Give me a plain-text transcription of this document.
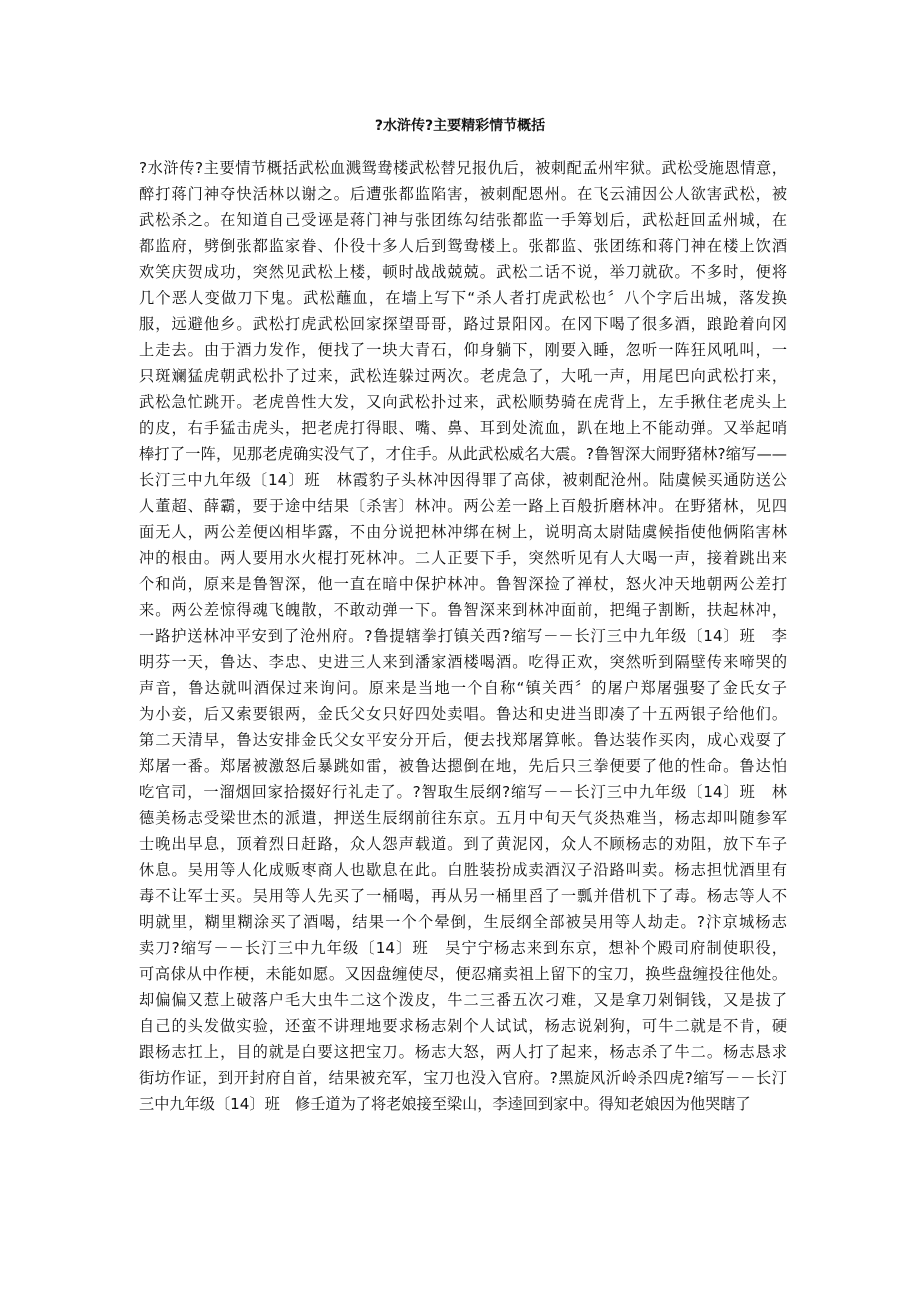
?水浒传?主要精彩情节概括
?水浒传?主要情节概括武松血溅鸳鸯楼武松替兄报仇后，被刺配孟州牢狱。武松受施恩情意，
醉打蒋门神夺快活林以谢之。后遭张都监陷害，被刺配恩州。在飞云浦因公人欲害武松，被
武松杀之。在知道自己受诬是蒋门神与张团练勾结张都监一手筹划后，武松赶回孟州城，在
都监府，劈倒张都监家眷、仆役十多人后到鸳鸯楼上。张都监、张团练和蒋门神在楼上饮酒
欢笑庆贺成功，突然见武松上楼，顿时战战兢兢。武松二话不说，举刀就砍。不多时，便将
几个恶人变做刀下鬼。武松蘸血，在墙上写下“杀人者打虎武松也〞八个字后出城，落发换
服，远避他乡。武松打虎武松回家探望哥哥，路过景阳冈。在冈下喝了很多酒，踉跄着向冈
上走去。由于酒力发作，便找了一块大青石，仰身躺下，刚要入睡，忽听一阵狂风吼叫，一
只斑斓猛虎朝武松扑了过来，武松连躲过两次。老虎急了，大吼一声，用尾巴向武松打来，
武松急忙跳开。老虎兽性大发，又向武松扑过来，武松顺势骑在虎背上，左手揪住老虎头上
的皮，右手猛击虎头，把老虎打得眼、嘴、鼻、耳到处流血，趴在地上不能动弹。又举起哨
棒打了一阵，见那老虎确实没气了，才住手。从此武松威名大震。?鲁智深大闹野猪林?缩写——
长汀三中九年级〔14〕班　林霞豹子头林冲因得罪了高俅，被刺配沧州。陆虞候买通防送公
人董超、薛霸，要于途中结果〔杀害〕林冲。两公差一路上百般折磨林冲。在野猪林，见四
面无人，两公差便凶相毕露，不由分说把林冲绑在树上，说明高太尉陆虞候指使他俩陷害林
冲的根由。两人要用水火棍打死林冲。二人正要下手，突然听见有人大喝一声，接着跳出来
个和尚，原来是鲁智深，他一直在暗中保护林冲。鲁智深捡了禅杖，怒火冲天地朝两公差打
来。两公差惊得魂飞魄散，不敢动弹一下。鲁智深来到林冲面前，把绳子割断，扶起林冲，
一路护送林冲平安到了沧州府。?鲁提辖拳打镇关西?缩写－－长汀三中九年级〔14〕班　李
明芬一天，鲁达、李忠、史进三人来到潘家酒楼喝酒。吃得正欢，突然听到隔壁传来啼哭的
声音，鲁达就叫酒保过来询问。原来是当地一个自称“镇关西〞的屠户郑屠强娶了金氏女子
为小妾，后又索要银两，金氏父女只好四处卖唱。鲁达和史进当即凑了十五两银子给他们。
第二天清早，鲁达安排金氏父女平安分开后，便去找郑屠算帐。鲁达装作买肉，成心戏耍了
郑屠一番。郑屠被激怒后暴跳如雷，被鲁达摁倒在地，先后只三拳便要了他的性命。鲁达怕
吃官司，一溜烟回家拾掇好行礼走了。?智取生辰纲?缩写－－长汀三中九年级〔14〕班　林
德美杨志受梁世杰的派遣，押送生辰纲前往东京。五月中旬天气炎热难当，杨志却叫随参军
士晚出早息，顶着烈日赶路，众人怨声载道。到了黄泥冈，众人不顾杨志的劝阻，放下车子
休息。吴用等人化成贩枣商人也歇息在此。白胜装扮成卖酒汉子沿路叫卖。杨志担忧酒里有
毒不让军士买。吴用等人先买了一桶喝，再从另一桶里舀了一瓢并借机下了毒。杨志等人不
明就里，糊里糊涂买了酒喝，结果一个个晕倒，生辰纲全部被吴用等人劫走。?汴京城杨志
卖刀?缩写－－长汀三中九年级〔14〕班　吴宁宁杨志来到东京，想补个殿司府制使职役，
可高俅从中作梗，未能如愿。又因盘缠使尽，便忍痛卖祖上留下的宝刀，换些盘缠投往他处。
却偏偏又惹上破落户毛大虫牛二这个泼皮，牛二三番五次刁难，又是拿刀剁铜钱，又是拔了
自己的头发做实验，还蛮不讲理地要求杨志剁个人试试，杨志说剁狗，可牛二就是不肯，硬
跟杨志扛上，目的就是白要这把宝刀。杨志大怒，两人打了起来，杨志杀了牛二。杨志恳求
街坊作证，到开封府自首，结果被充军，宝刀也没入官府。?黑旋风沂岭杀四虎?缩写－－长汀
三中九年级〔14〕班　修壬道为了将老娘接至梁山，李逵回到家中。得知老娘因为他哭瞎了
